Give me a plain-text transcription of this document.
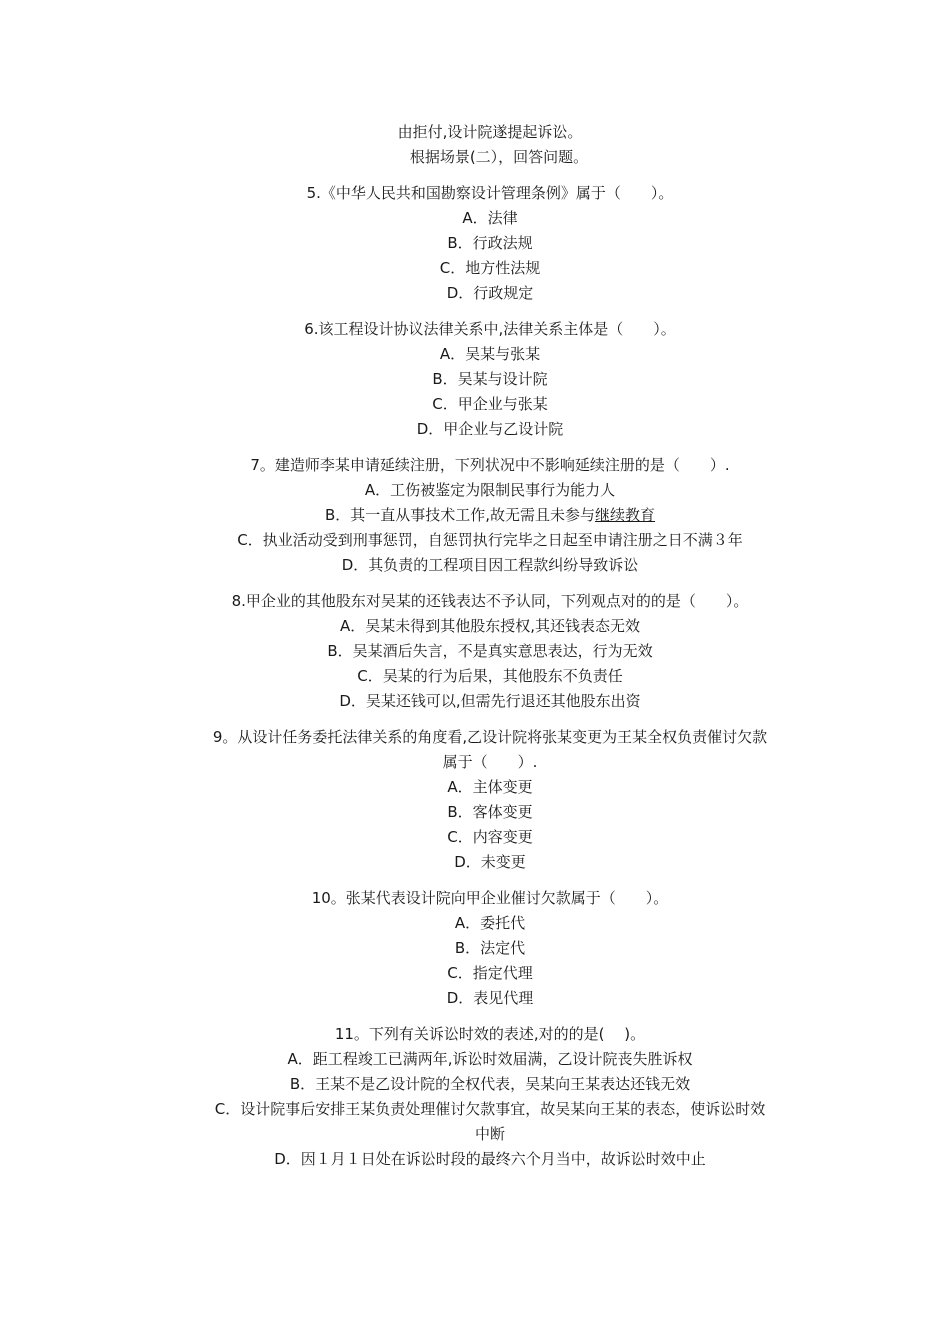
由拒付,设计院遂提起诉讼。
根据场景(二），回答问题。
5.《中华人民共和国勘察设计管理条例》属于（　　）。
A．法律
B．行政法规
C．地方性法规
D．行政规定
6.该工程设计协议法律关系中,法律关系主体是（　　）。
A．吴某与张某
B．吴某与设计院
C．甲企业与张某
D．甲企业与乙设计院
7。建造师李某申请延续注册，下列状况中不影响延续注册的是（　　）.
A．工伤被鉴定为限制民事行为能力人
B．其一直从事技术工作,故无需且未参与继续教育
C．执业活动受到刑事惩罚，自惩罚执行完毕之日起至申请注册之日不满３年
D．其负责的工程项目因工程款纠纷导致诉讼
8.甲企业的其他股东对吴某的还钱表达不予认同，下列观点对的的是（　　）。
A．吴某未得到其他股东授权,其还钱表态无效
B．吴某酒后失言，不是真实意思表达，行为无效
C．吴某的行为后果，其他股东不负责任
D．吴某还钱可以,但需先行退还其他股东出资
9。从设计任务委托法律关系的角度看,乙设计院将张某变更为王某全权负责催讨欠款
属于（　　）.
A．主体变更
B．客体变更
C．内容变更
D．未变更
10。张某代表设计院向甲企业催讨欠款属于（　　）。
A．委托代
B．法定代
C．指定代理
D．表见代理
11。下列有关诉讼时效的表述,对的的是(　 )。
A．距工程竣工已满两年,诉讼时效届满，乙设计院丧失胜诉权
B．王某不是乙设计院的全权代表，吴某向王某表达还钱无效
C．设计院事后安排王某负责处理催讨欠款事宜，故吴某向王某的表态，使诉讼时效
中断
D．因１月１日处在诉讼时段的最终六个月当中，故诉讼时效中止
